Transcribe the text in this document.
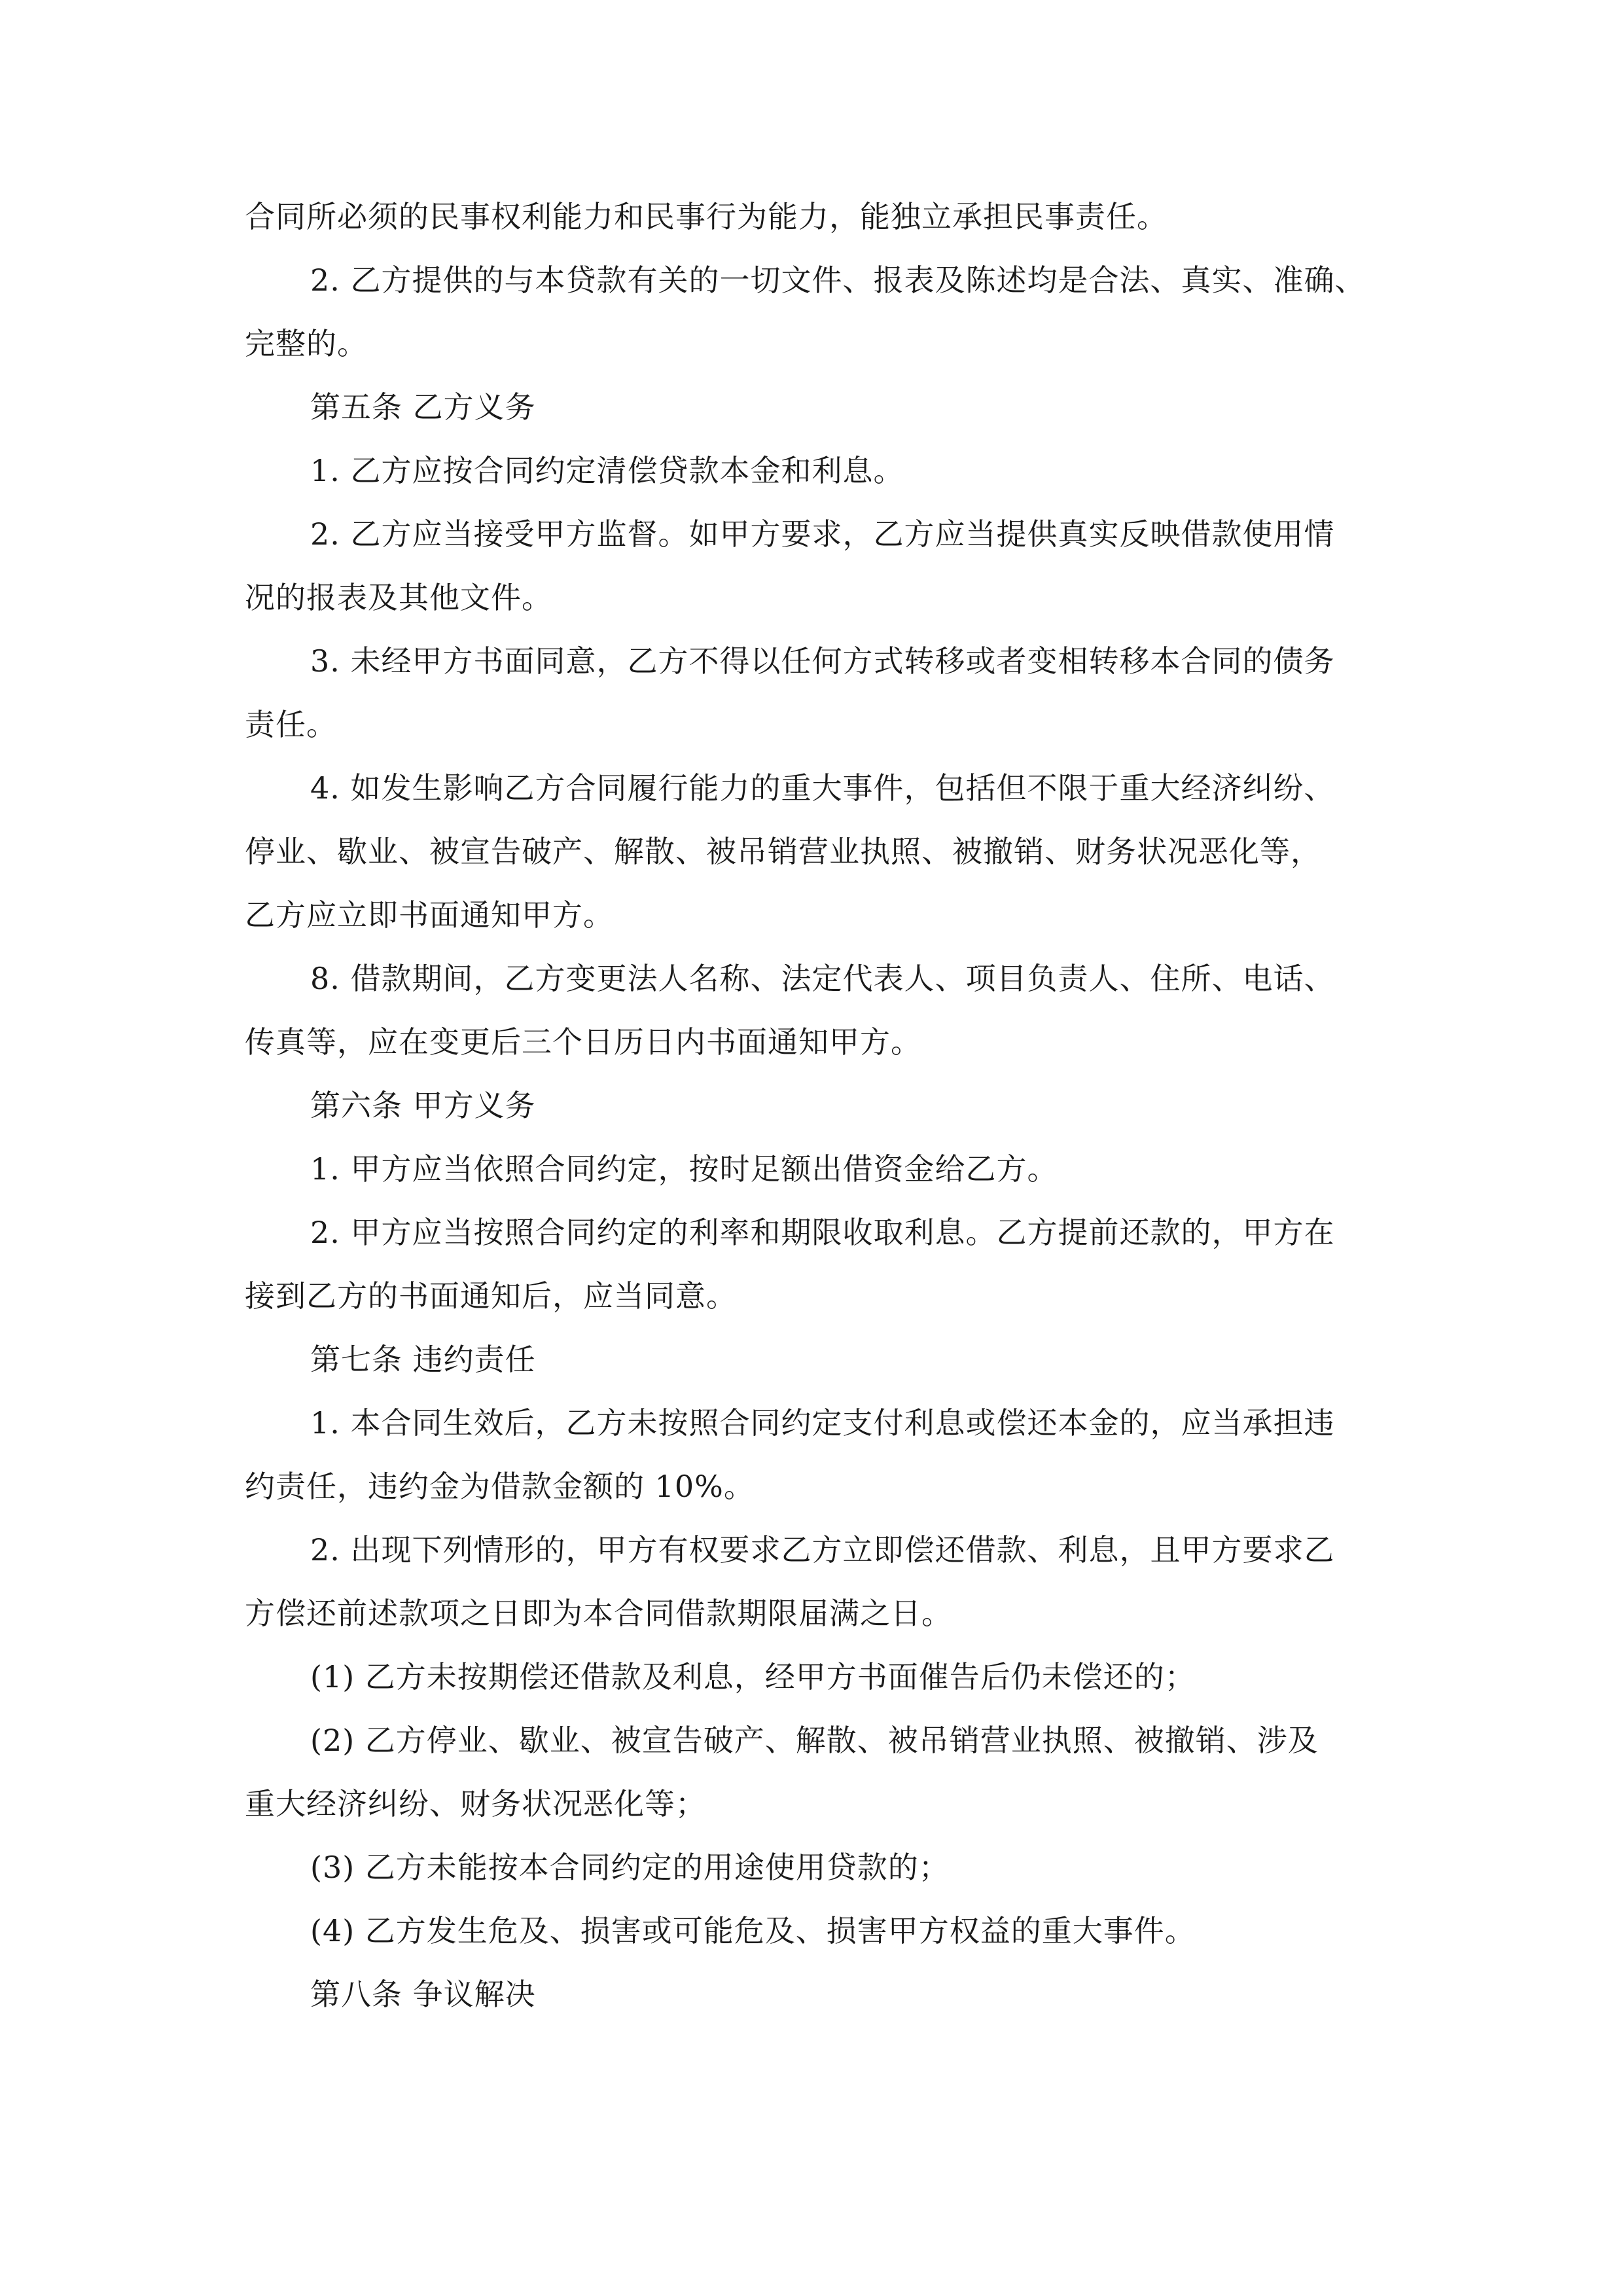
合同所必须的民事权利能力和民事行为能力，能独立承担民事责任。
2. 乙方提供的与本贷款有关的一切文件、报表及陈述均是合法、真实、准确、
完整的。
第五条 乙方义务
1. 乙方应按合同约定清偿贷款本金和利息。
2. 乙方应当接受甲方监督。如甲方要求，乙方应当提供真实反映借款使用情
况的报表及其他文件。
3. 未经甲方书面同意，乙方不得以任何方式转移或者变相转移本合同的债务
责任。
4. 如发生影响乙方合同履行能力的重大事件，包括但不限于重大经济纠纷、
停业、歇业、被宣告破产、解散、被吊销营业执照、被撤销、财务状况恶化等，
乙方应立即书面通知甲方。
8. 借款期间，乙方变更法人名称、法定代表人、项目负责人、住所、电话、
传真等，应在变更后三个日历日内书面通知甲方。
第六条 甲方义务
1. 甲方应当依照合同约定，按时足额出借资金给乙方。
2. 甲方应当按照合同约定的利率和期限收取利息。乙方提前还款的，甲方在
接到乙方的书面通知后，应当同意。
第七条 违约责任
1. 本合同生效后，乙方未按照合同约定支付利息或偿还本金的，应当承担违
约责任，违约金为借款金额的 10%。
2. 出现下列情形的，甲方有权要求乙方立即偿还借款、利息，且甲方要求乙
方偿还前述款项之日即为本合同借款期限届满之日。
(1) 乙方未按期偿还借款及利息，经甲方书面催告后仍未偿还的；
(2) 乙方停业、歇业、被宣告破产、解散、被吊销营业执照、被撤销、涉及
重大经济纠纷、财务状况恶化等；
(3) 乙方未能按本合同约定的用途使用贷款的；
(4) 乙方发生危及、损害或可能危及、损害甲方权益的重大事件。
第八条 争议解决
